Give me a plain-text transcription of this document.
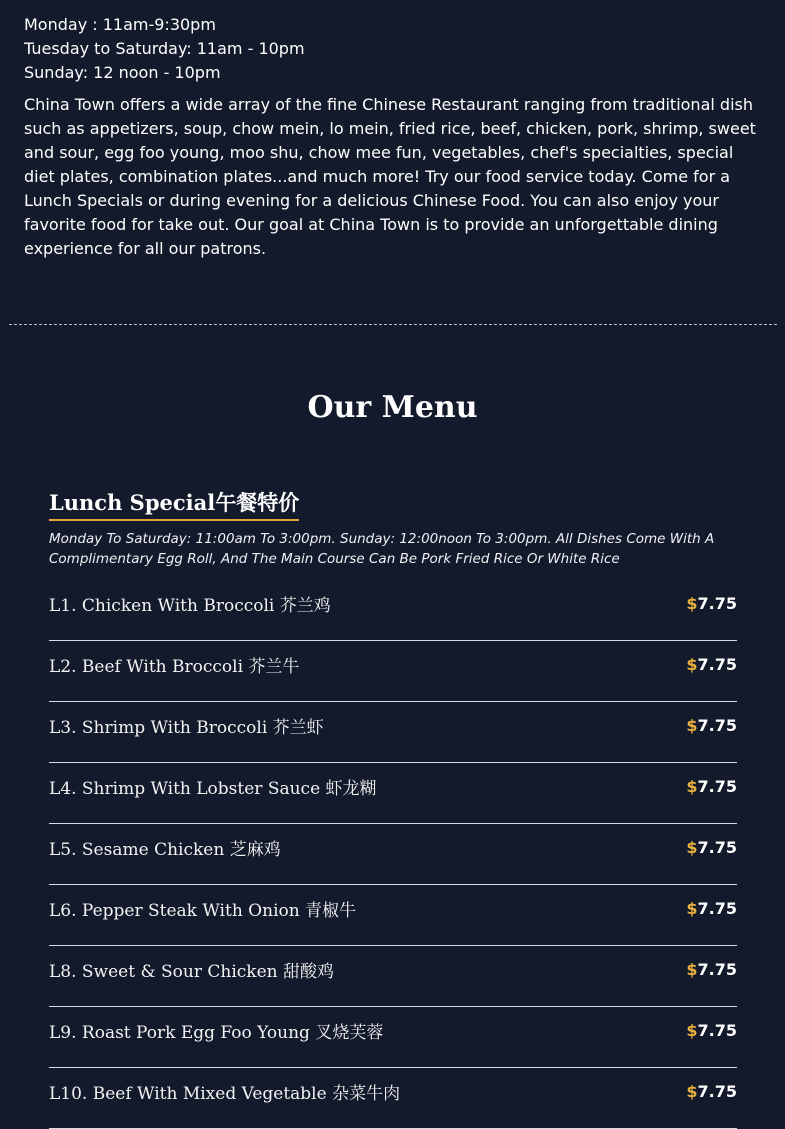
Monday : 11am-9:30pm
Tuesday to Saturday: 11am - 10pm
Sunday: 12 noon - 10pm

China Town offers a wide array of the fine Chinese Restaurant ranging from traditional dish such as appetizers, soup, chow mein, lo mein, fried rice, beef, chicken, pork, shrimp, sweet and sour, egg foo young, moo shu, chow mee fun, vegetables, chef's specialties, special diet plates, combination plates...and much more! Try our food service today. Come for a Lunch Specials or during evening for a delicious Chinese Food. You can also enjoy your favorite food for take out. Our goal at China Town is to provide an unforgettable dining experience for all our patrons.

Our Menu
Lunch Special午餐特价

Monday To Saturday: 11:00am To 3:00pm. Sunday: 12:00noon To 3:00pm. All Dishes Come With A Complimentary Egg Roll, And The Main Course Can Be Pork Fried Rice Or White Rice

L1. Chicken With Broccoli 芥兰鸡	$7.75
L2. Beef With Broccoli 芥兰牛	$7.75
L3. Shrimp With Broccoli 芥兰虾	$7.75
L4. Shrimp With Lobster Sauce 虾龙糊	$7.75
L5. Sesame Chicken 芝麻鸡	$7.75
L6. Pepper Steak With Onion 青椒牛	$7.75
L8. Sweet & Sour Chicken 甜酸鸡	$7.75
L9. Roast Pork Egg Foo Young 叉烧芙蓉	$7.75
L10. Beef With Mixed Vegetable 杂菜牛肉	$7.75
